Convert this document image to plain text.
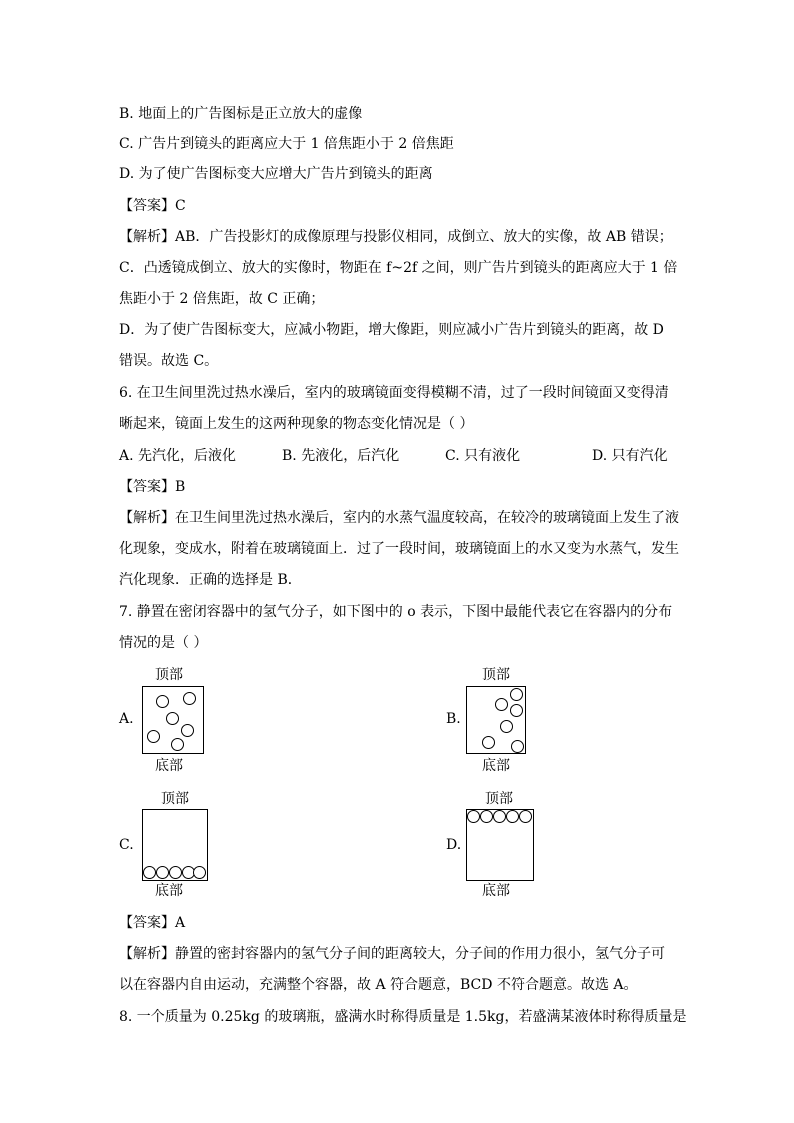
B. 地面上的广告图标是正立放大的虚像
C. 广告片到镜头的距离应大于 1 倍焦距小于 2 倍焦距
D. 为了使广告图标变大应增大广告片到镜头的距离
【答案】C
【解析】AB．广告投影灯的成像原理与投影仪相同，成倒立、放大的实像，故 AB 错误；
C．凸透镜成倒立、放大的实像时，物距在 f~2f 之间，则广告片到镜头的距离应大于 1 倍
焦距小于 2 倍焦距，故 C 正确；
D．为了使广告图标变大，应减小物距，增大像距，则应减小广告片到镜头的距离，故 D
错误。故选 C。
6. 在卫生间里洗过热水澡后，室内的玻璃镜面变得模糊不清，过了一段时间镜面又变得清
晰起来，镜面上发生的这两种现象的物态变化情况是（ ）
A. 先汽化，后液化	B. 先液化，后汽化	C. 只有液化	D. 只有汽化
【答案】B
【解析】在卫生间里洗过热水澡后，室内的水蒸气温度较高，在较冷的玻璃镜面上发生了液
化现象，变成水，附着在玻璃镜面上．过了一段时间，玻璃镜面上的水又变为水蒸气，发生
汽化现象．正确的选择是 B．
7. 静置在密闭容器中的氢气分子，如下图中的 o 表示，下图中最能代表它在容器内的分布
情况的是（ ）
顶部
A.
底部
顶部
B.
底部
顶部
C.
底部
顶部
D.
底部
【答案】A
【解析】静置的密封容器内的氢气分子间的距离较大，分子间的作用力很小，氢气分子可
以在容器内自由运动，充满整个容器，故 A 符合题意，BCD 不符合题意。故选 A。
8. 一个质量为 0.25kg 的玻璃瓶，盛满水时称得质量是 1.5kg，若盛满某液体时称得质量是
